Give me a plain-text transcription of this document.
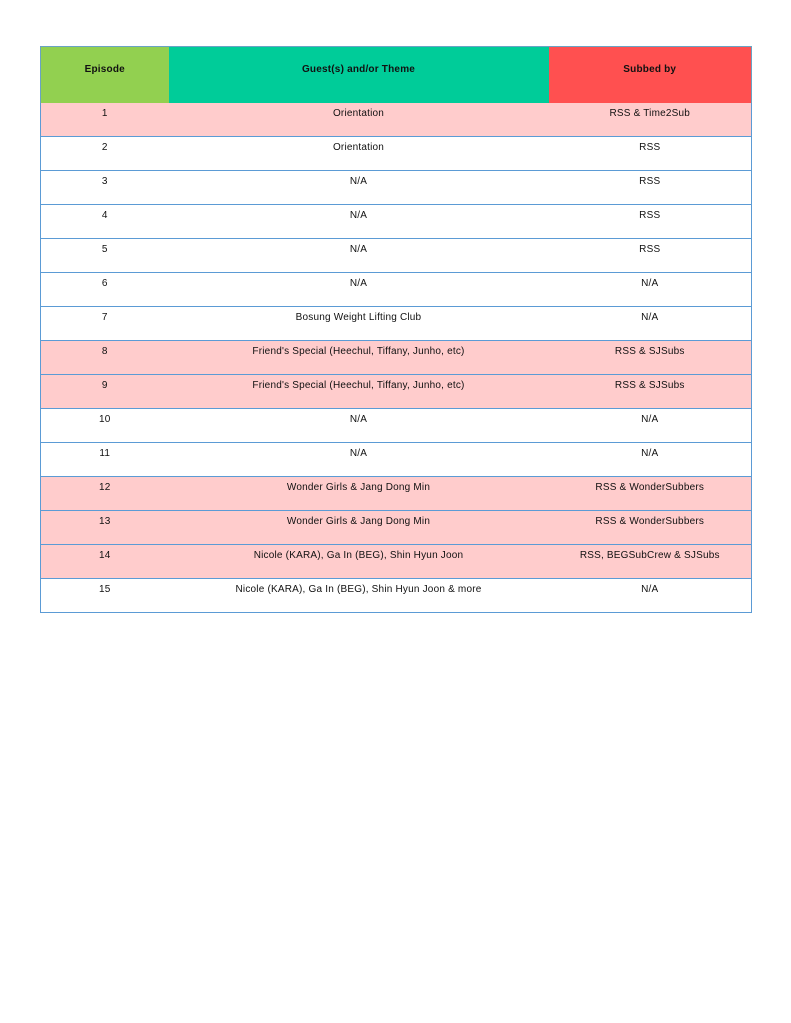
Episode	Guest(s) and/or Theme	Subbed by
1	Orientation	RSS & Time2Sub
2	Orientation	RSS
3	N/A	RSS
4	N/A	RSS
5	N/A	RSS
6	N/A	N/A
7	Bosung Weight Lifting Club	N/A
8	Friend's Special (Heechul, Tiffany, Junho, etc)	RSS & SJSubs
9	Friend's Special (Heechul, Tiffany, Junho, etc)	RSS & SJSubs
10	N/A	N/A
11	N/A	N/A
12	Wonder Girls & Jang Dong Min	RSS & WonderSubbers
13	Wonder Girls & Jang Dong Min	RSS & WonderSubbers
14	Nicole (KARA), Ga In (BEG), Shin Hyun Joon	RSS, BEGSubCrew & SJSubs
15	Nicole (KARA), Ga In (BEG), Shin Hyun Joon & more	N/A
